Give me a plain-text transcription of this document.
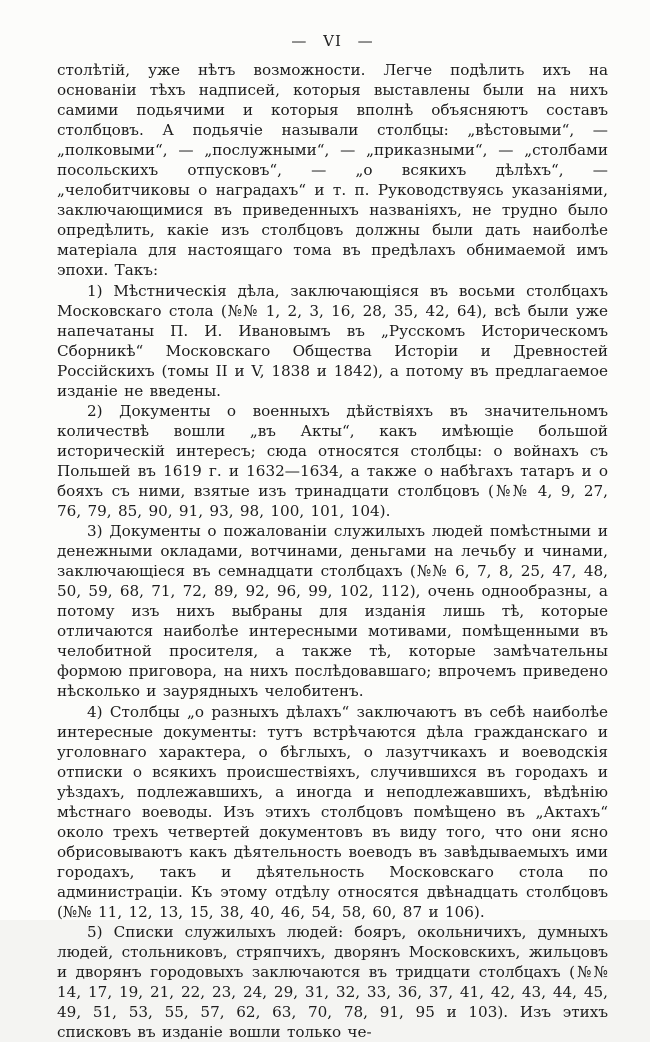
— VI —

столѣтій, уже нѣтъ возможности. Легче подѣлить ихъ на основаніи тѣхъ надписей, которыя выставлены были на нихъ самими подьячими и которыя вполнѣ объясняютъ составъ столбцовъ. А подьячіе называли столбцы: „вѣстовыми“, — „полковыми“, — „послужными“, — „приказными“, — „столбами посольскихъ отпусковъ“, — „о всякихъ дѣлѣхъ“, — „челобитчиковы о наградахъ“ и т. п. Руководствуясь указаніями, заключающимися въ приведенныхъ названіяхъ, не трудно было опредѣлить, какіе изъ столбцовъ должны были дать наиболѣе матеріала для настоящаго тома въ предѣлахъ обнимаемой имъ эпохи. Такъ:

1) Мѣстническія дѣла, заключающіяся въ восьми столбцахъ Московскаго стола (№№ 1, 2, 3, 16, 28, 35, 42, 64), всѣ были уже напечатаны П. И. Ивановымъ въ „Русскомъ Историческомъ Сборникѣ“ Московскаго Общества Исторіи и Древностей Россійскихъ (томы II и V, 1838 и 1842), а потому въ предлагаемое изданіе не введены.

2) Документы о военныхъ дѣйствіяхъ въ значительномъ количествѣ вошли „въ Акты“, какъ имѣющіе большой историческій интересъ; сюда относятся столбцы: о войнахъ съ Польшей въ 1619 г. и 1632—1634, а также о набѣгахъ татаръ и о бояхъ съ ними, взятые изъ тринадцати столбцовъ (№№ 4, 9, 27, 76, 79, 85, 90, 91, 93, 98, 100, 101, 104).

3) Документы о пожалованіи служилыхъ людей помѣстными и денежными окладами, вотчинами, деньгами на лечьбу и чинами, заключающіеся въ семнадцати столбцахъ (№№ 6, 7, 8, 25, 47, 48, 50, 59, 68, 71, 72, 89, 92, 96, 99, 102, 112), очень однообразны, а потому изъ нихъ выбраны для изданія лишь тѣ, которые отличаются наиболѣе интересными мотивами, помѣщенными въ челобитной просителя, а также тѣ, которые замѣчательны формою приговора, на нихъ послѣдовавшаго; впрочемъ приведено нѣсколько и заурядныхъ челобитенъ.

4) Столбцы „о разныхъ дѣлахъ“ заключаютъ въ себѣ наиболѣе интересные документы: тутъ встрѣчаются дѣла гражданскаго и уголовнаго характера, о бѣглыхъ, о лазутчикахъ и воеводскія отписки о всякихъ происшествіяхъ, случившихся въ городахъ и уѣздахъ, подлежавшихъ, а иногда и неподлежавшихъ, вѣдѣнію мѣстнаго воеводы. Изъ этихъ столбцовъ помѣщено въ „Актахъ“ около трехъ четвертей документовъ въ виду того, что они ясно обрисовываютъ какъ дѣятельность воеводъ въ завѣдываемыхъ ими городахъ, такъ и дѣятельность Московскаго стола по администраціи. Къ этому отдѣлу относятся двѣнадцать столбцовъ (№№ 11, 12, 13, 15, 38, 40, 46, 54, 58, 60, 87 и 106).

5) Списки служилыхъ людей: бояръ, окольничихъ, думныхъ людей, стольниковъ, стряпчихъ, дворянъ Московскихъ, жильцовъ и дворянъ городовыхъ заключаются въ тридцати столбцахъ (№№ 14, 17, 19, 21, 22, 23, 24, 29, 31, 32, 33, 36, 37, 41, 42, 43, 44, 45, 49, 51, 53, 55, 57, 62, 63, 70, 78, 91, 95 и 103). Изъ этихъ списковъ въ изданіе вошли только че-
